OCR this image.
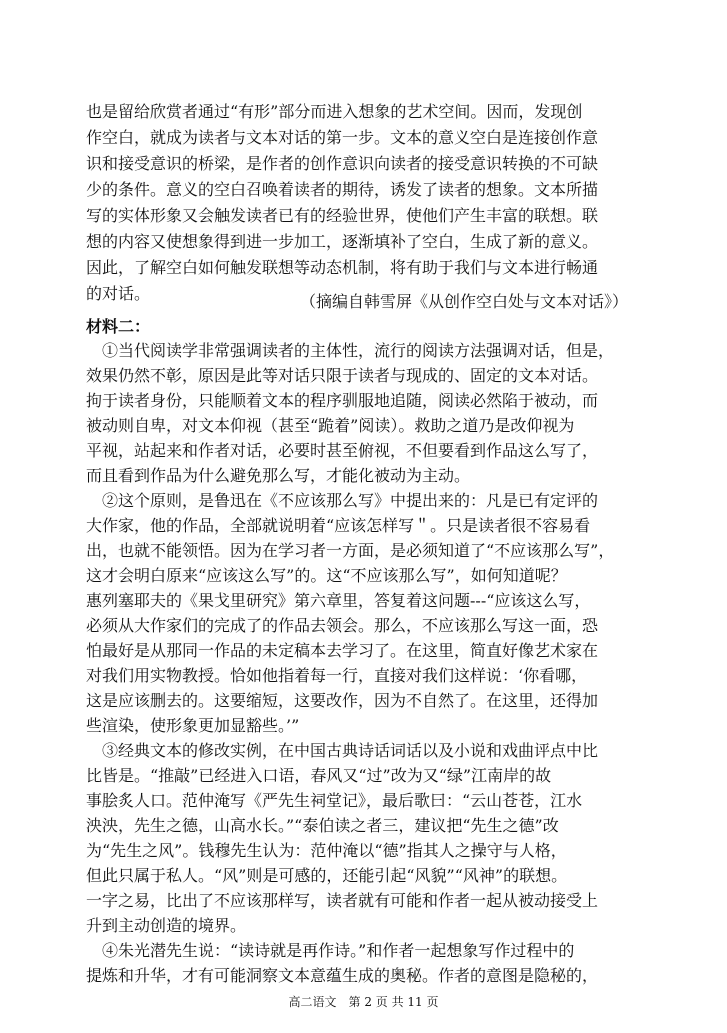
也是留给欣赏者通过“有形”部分而进入想象的艺术空间。因而，发现创
作空白，就成为读者与文本对话的第一步。文本的意义空白是连接创作意
识和接受意识的桥梁，是作者的创作意识向读者的接受意识转换的不可缺
少的条件。意义的空白召唤着读者的期待，诱发了读者的想象。文本所描
写的实体形象又会触发读者已有的经验世界，使他们产生丰富的联想。联
想的内容又使想象得到进一步加工，逐渐填补了空白，生成了新的意义。
因此，了解空白如何触发联想等动态机制，将有助于我们与文本进行畅通
的对话。	（摘编自韩雪屏《从创作空白处与文本对话》）
材料二：
　①当代阅读学非常强调读者的主体性，流行的阅读方法强调对话，但是，
效果仍然不彰，原因是此等对话只限于读者与现成的、固定的文本对话。
拘于读者身份，只能顺着文本的程序驯服地追随，阅读必然陷于被动，而
被动则自卑，对文本仰视（甚至“跪着”阅读）。救助之道乃是改仰视为
平视，站起来和作者对话，必要时甚至俯视，不但要看到作品这么写了，
而且看到作品为什么避免那么写，才能化被动为主动。
　②这个原则，是鲁迅在《不应该那么写》中提出来的：凡是已有定评的
大作家，他的作品，全部就说明着“应该怎样写＂。只是读者很不容易看
出，也就不能领悟。因为在学习者一方面，是必须知道了“不应该那么写”，
这才会明白原来“应该这么写”的。这“不应该那么写”，如何知道呢？
惠列塞耶夫的《果戈里研究》第六章里，答复着这问题---“应该这么写，
必须从大作家们的完成了的作品去领会。那么，不应该那么写这一面，恐
怕最好是从那同一作品的未定稿本去学习了。在这里，简直好像艺术家在
对我们用实物教授。恰如他指着每一行，直接对我们这样说：‘你看哪，
这是应该删去的。这要缩短，这要改作，因为不自然了。在这里，还得加
些渲染，使形象更加显豁些。’”
　③经典文本的修改实例，在中国古典诗话词话以及小说和戏曲评点中比
比皆是。“推敲”已经进入口语，春风又“过”改为又“绿”江南岸的故
事脍炙人口。范仲淹写《严先生祠堂记》，最后歌曰：“云山苍苍，江水
泱泱，先生之德，山高水长。”“泰伯读之者三，建议把“先生之德”改
为“先生之风”。钱穆先生认为：范仲淹以“德”指其人之操守与人格，
但此只属于私人。“风”则是可感的，还能引起“风貌”“风神”的联想。
一字之易，比出了不应该那样写，读者就有可能和作者一起从被动接受上
升到主动创造的境界。
　④朱光潜先生说：“读诗就是再作诗。”和作者一起想象写作过程中的
提炼和升华，才有可能洞察文本意蕴生成的奥秘。作者的意图是隐秘的，
高二语文　第 2 页 共 11 页
